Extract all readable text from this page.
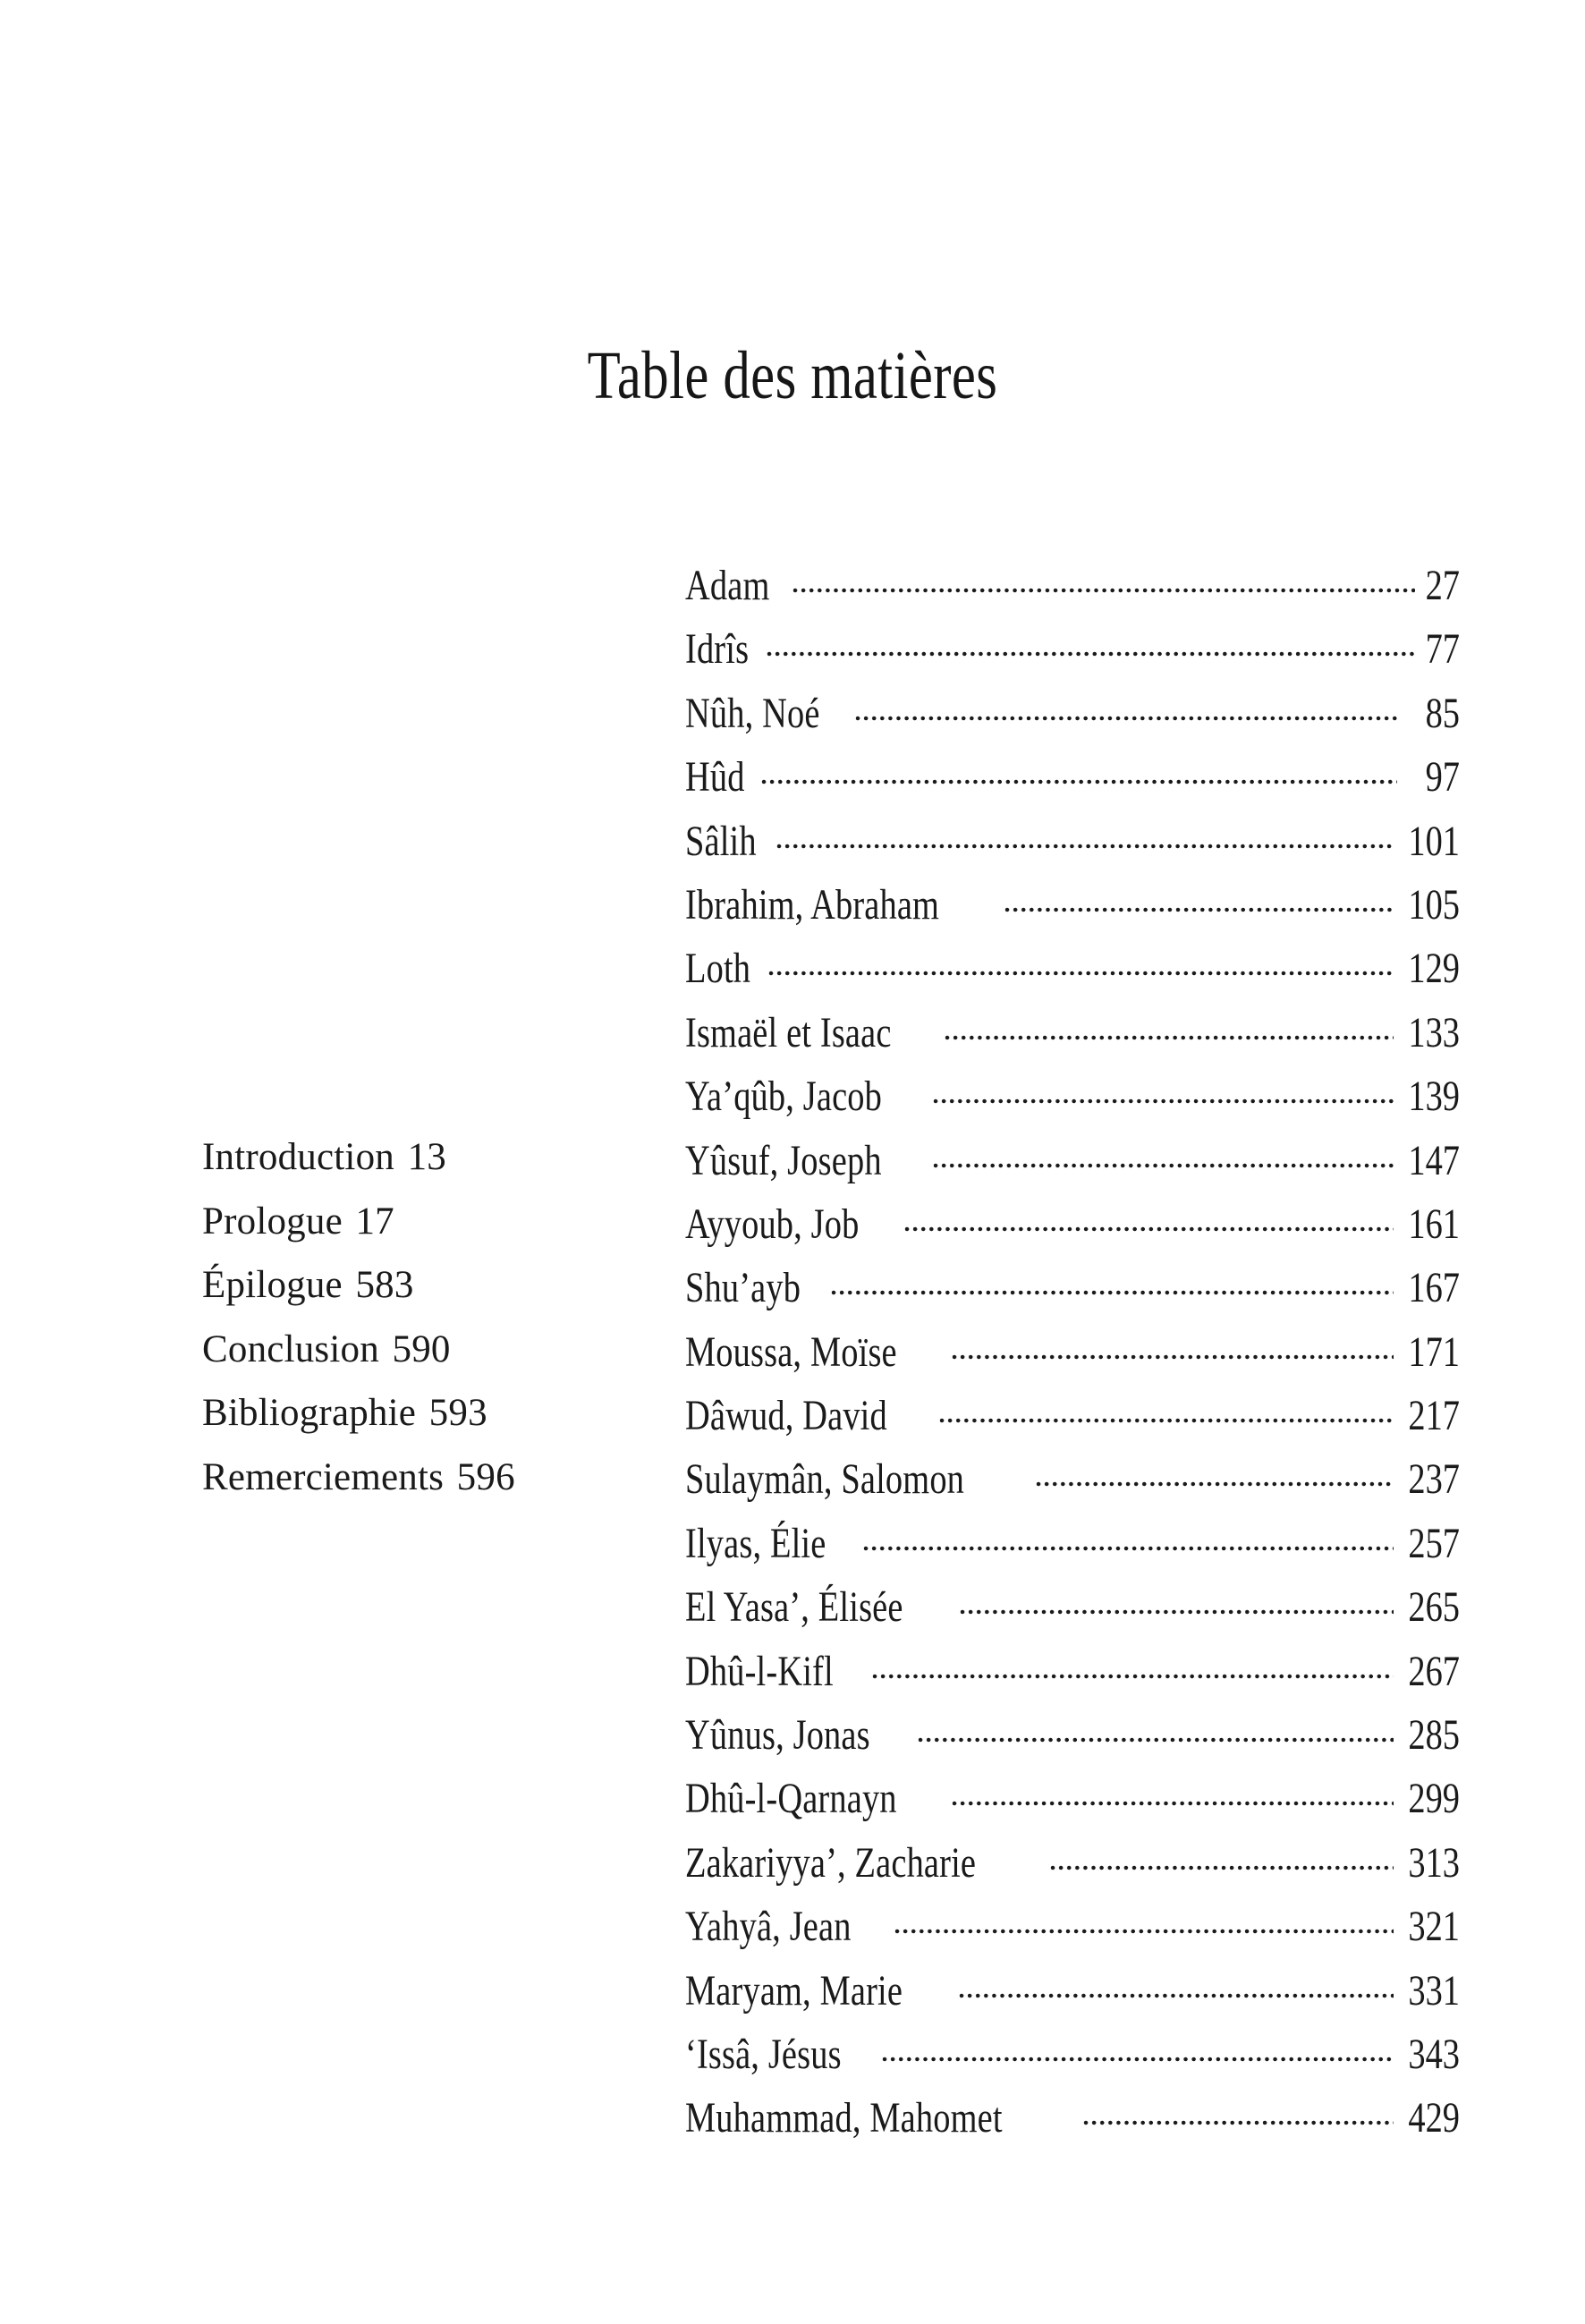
Table des matières
Introduction 13
Prologue 17
Épilogue 583
Conclusion 590
Bibliographie 593
Remerciements 596
Adam	27
Idrîs	77
Nûh, Noé	85
Hûd	97
Sâlih	101
Ibrahim, Abraham	105
Loth	129
Ismaël et Isaac	133
Ya’qûb, Jacob	139
Yûsuf, Joseph	147
Ayyoub, Job	161
Shu’ayb	167
Moussa, Moïse	171
Dâwud, David	217
Sulaymân, Salomon	237
Ilyas, Élie	257
El Yasa’, Élisée	265
Dhû-l-Kifl	267
Yûnus, Jonas	285
Dhû-l-Qarnayn	299
Zakariyya’, Zacharie	313
Yahyâ, Jean	321
Maryam, Marie	331
‘Issâ, Jésus	343
Muhammad, Mahomet	429
